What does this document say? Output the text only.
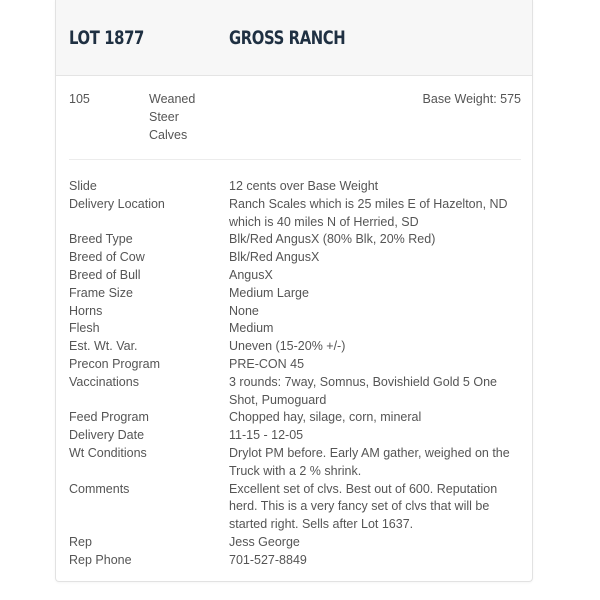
LOT 1877	GROSS RANCH
105	Weaned
Steer
Calves
Base Weight: 575
Slide	12 cents over Base Weight
Delivery Location	Ranch Scales which is 25 miles E of Hazelton, ND which is 40 miles N of Herried, SD
Breed Type	Blk/Red AngusX (80% Blk, 20% Red)
Breed of Cow	Blk/Red AngusX
Breed of Bull	AngusX
Frame Size	Medium Large
Horns	None
Flesh	Medium
Est. Wt. Var.	Uneven (15-20% +/-)
Precon Program	PRE-CON 45
Vaccinations	3 rounds: 7way, Somnus, Bovishield Gold 5 One Shot, Pumoguard
Feed Program	Chopped hay, silage, corn, mineral
Delivery Date	11-15 - 12-05
Wt Conditions	Drylot PM before. Early AM gather, weighed on the Truck with a 2 % shrink.
Comments	Excellent set of clvs. Best out of 600. Reputation herd. This is a very fancy set of clvs that will be started right. Sells after Lot 1637.
Rep	Jess George
Rep Phone	701-527-8849
